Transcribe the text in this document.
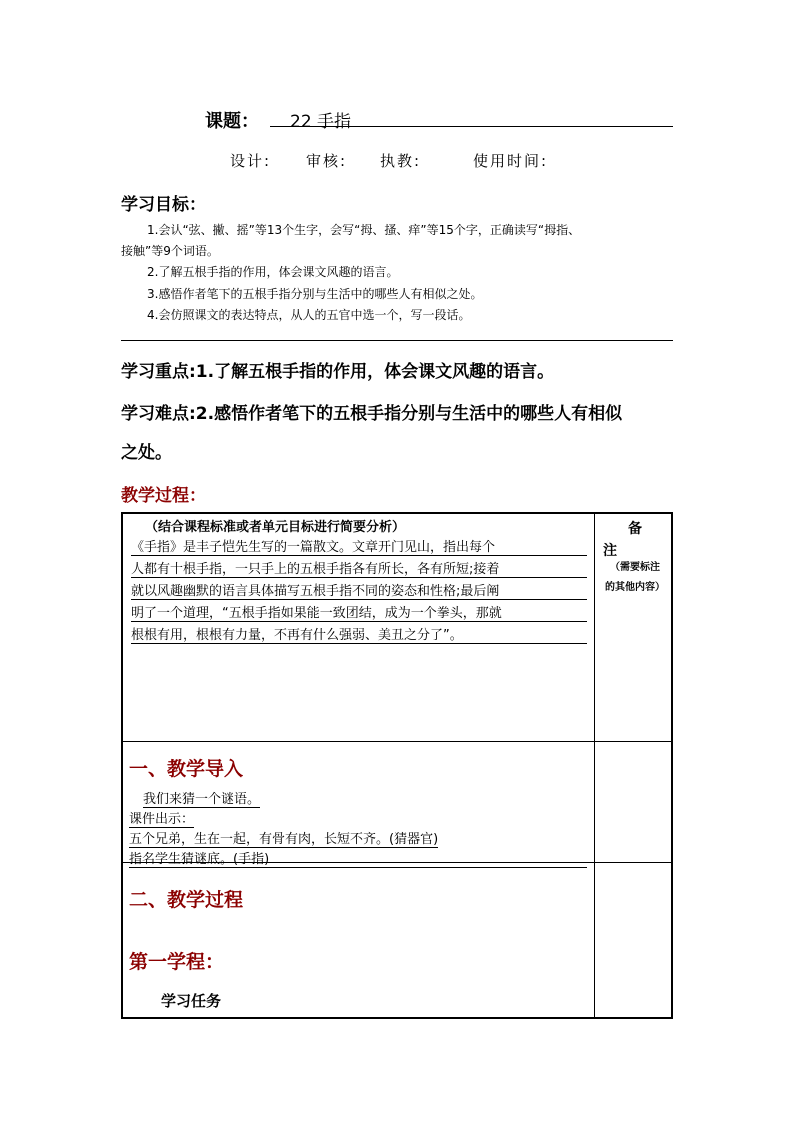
课题： 22 手指
设计: 审核: 执教:	使用时间:
学习目标：
1.会认“弦、撇、摇”等13个生字，会写“拇、搔、痒”等15个字，正确读写“拇指、
接触”等9个词语。
2.了解五根手指的作用，体会课文风趣的语言。
3.感悟作者笔下的五根手指分别与生活中的哪些人有相似之处。
4.会仿照课文的表达特点，从人的五官中选一个，写一段话。
学习重点:1.了解五根手指的作用，体会课文风趣的语言。
学习难点:2.感悟作者笔下的五根手指分别与生活中的哪些人有相似
之处。
教学过程：
（结合课程标准或者单元目标进行简要分析）
《手指》是丰子恺先生写的一篇散文。文章开门见山，指出每个
人都有十根手指，一只手上的五根手指各有所长，各有所短;接着
就以风趣幽默的语言具体描写五根手指不同的姿态和性格;最后阐
明了一个道理，“五根手指如果能一致团结，成为一个拳头，那就
根根有用，根根有力量，不再有什么强弱、美丑之分了”。
备
注
（需要标注
的其他内容）
一、教学导入
我们来猜一个谜语。
课件出示：
五个兄弟，生在一起，有骨有肉，长短不齐。(猜器官)
指名学生猜谜底。(手指)
二、教学过程
第一学程：
学习任务
